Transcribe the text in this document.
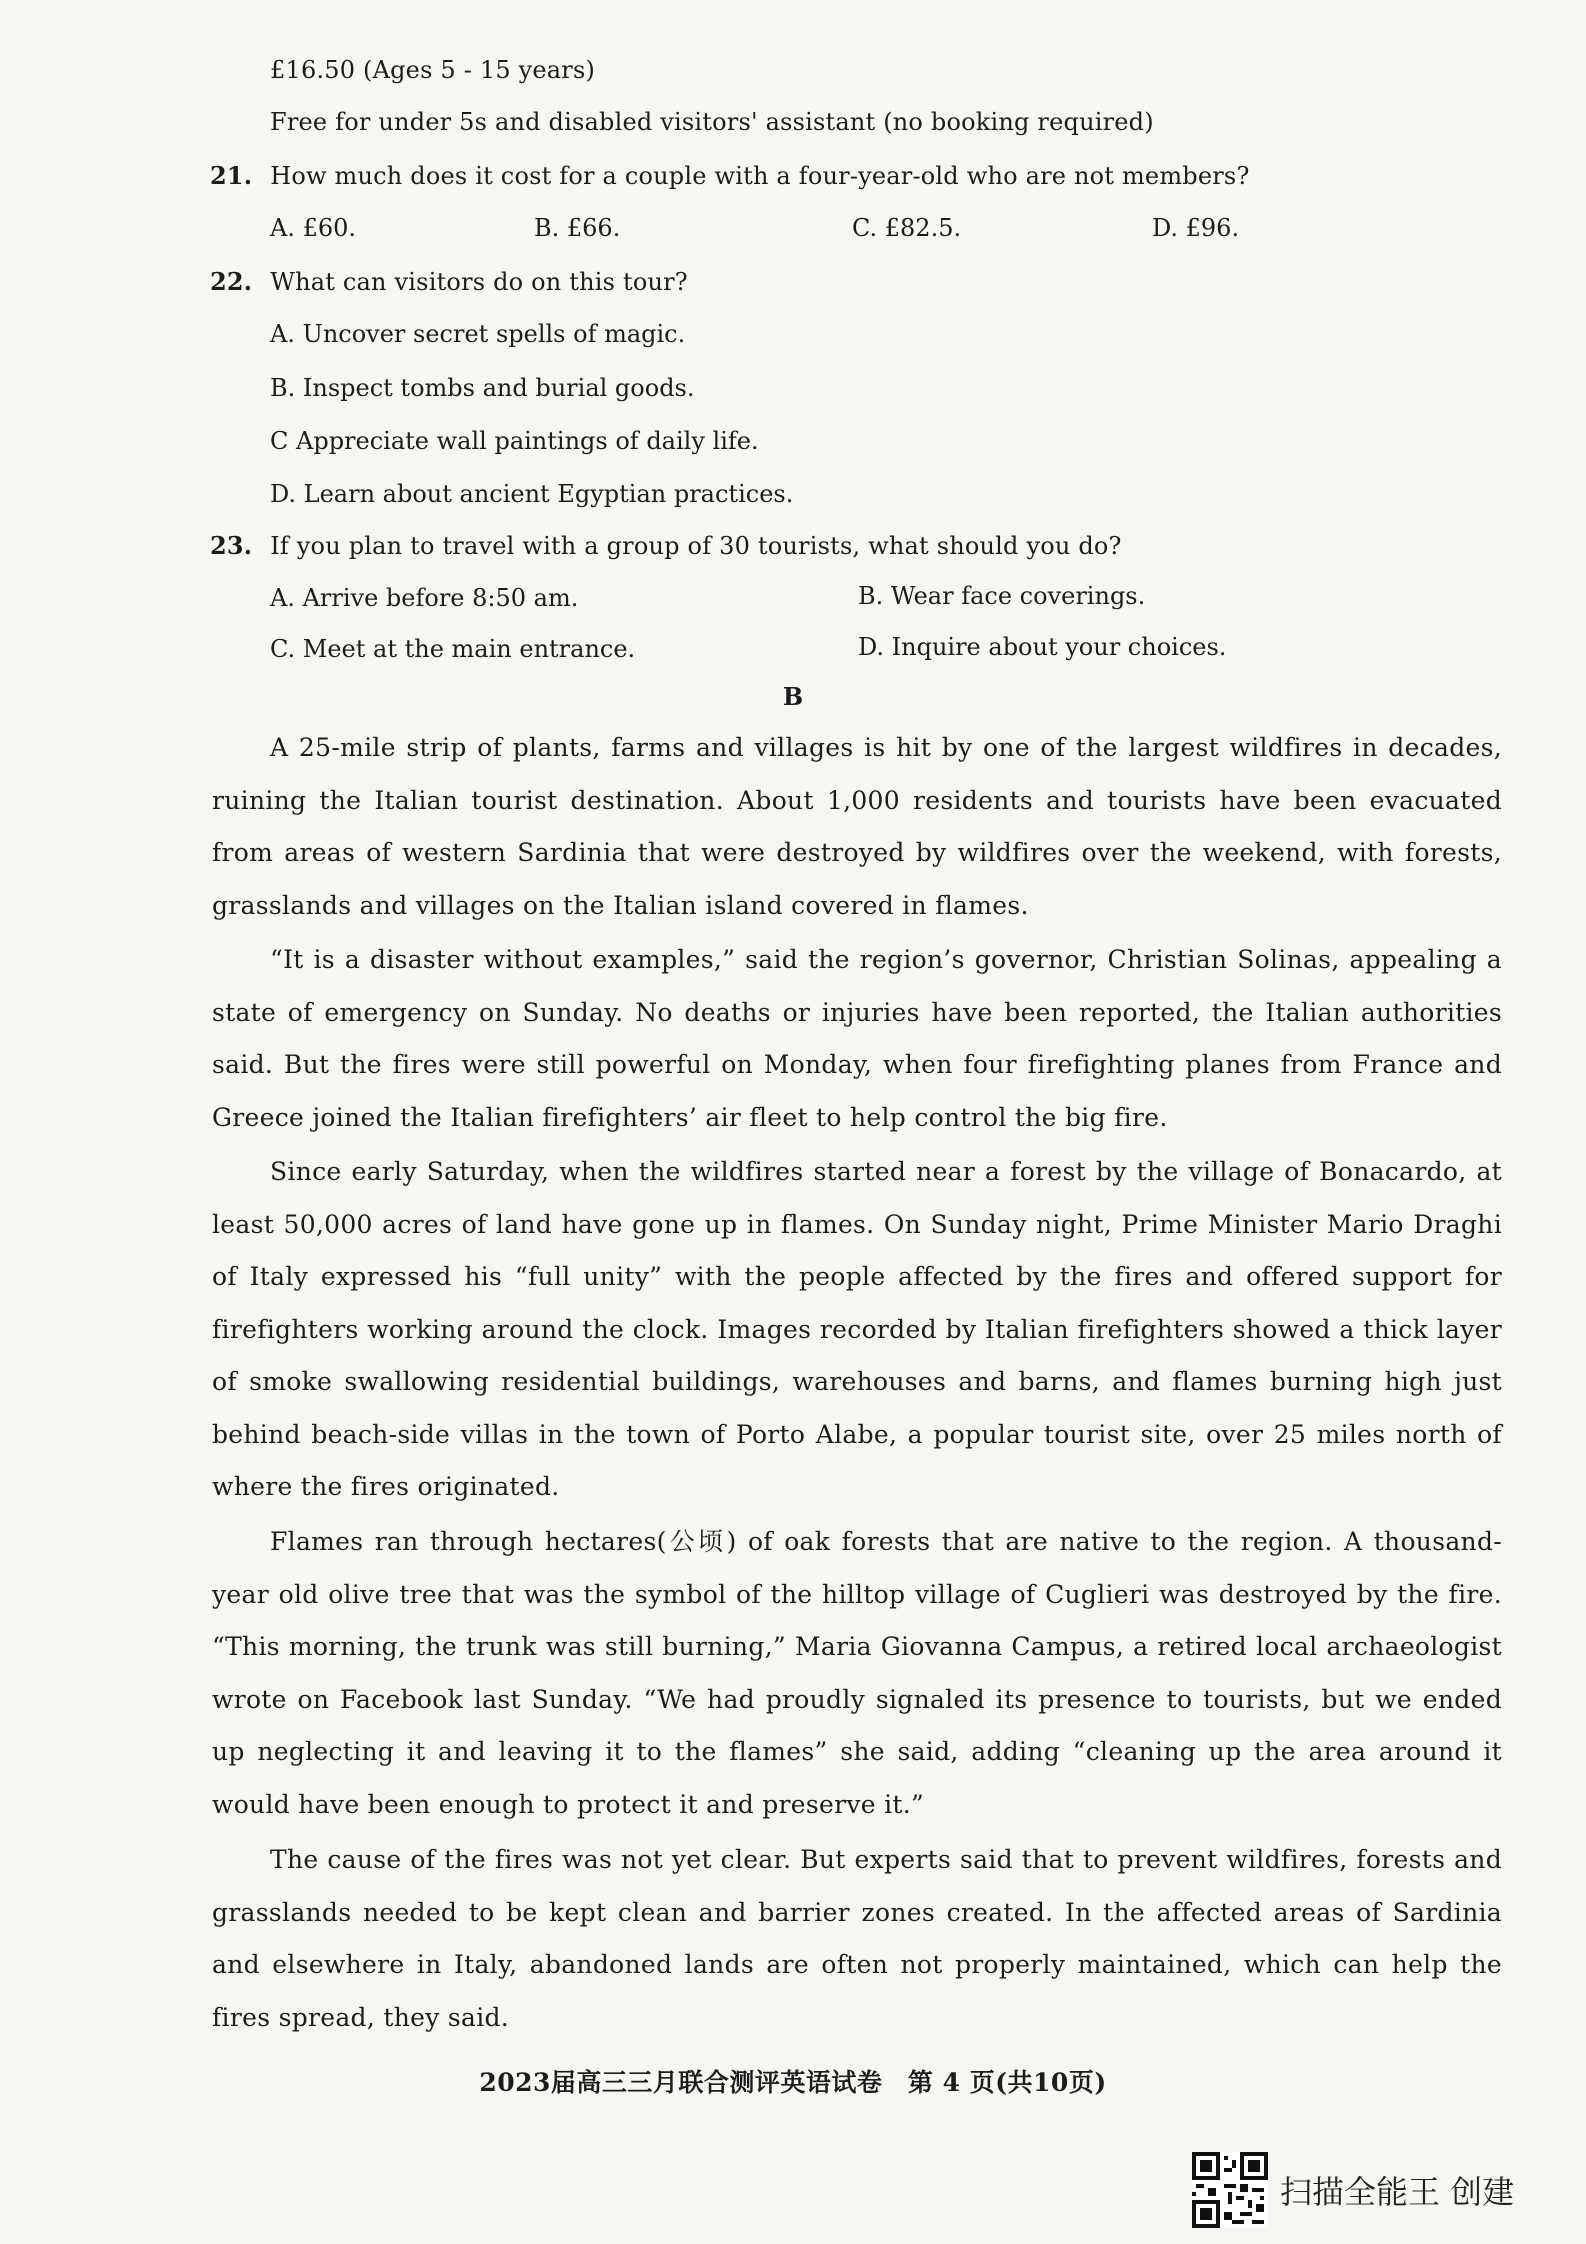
£16.50 (Ages 5 - 15 years)
Free for under 5s and disabled visitors' assistant (no booking required)
21. How much does it cost for a couple with a four-year-old who are not members?
A. £60.	B. £66.	C. £82.5.	D. £96.
22. What can visitors do on this tour?
A. Uncover secret spells of magic.
B. Inspect tombs and burial goods.
C Appreciate wall paintings of daily life.
D. Learn about ancient Egyptian practices.
23. If you plan to travel with a group of 30 tourists, what should you do?
A. Arrive before 8:50 am.	B. Wear face coverings.
C. Meet at the main entrance.	D. Inquire about your choices.
B

A 25-mile strip of plants, farms and villages is hit by one of the largest wildfires in decades, ruining the Italian tourist destination. About 1,000 residents and tourists have been evacuated from areas of western Sardinia that were destroyed by wildfires over the weekend, with forests, grasslands and villages on the Italian island covered in flames.

“It is a disaster without examples,” said the region’s governor, Christian Solinas, appealing a state of emergency on Sunday. No deaths or injuries have been reported, the Italian authorities said. But the fires were still powerful on Monday, when four firefighting planes from France and Greece joined the Italian firefighters’ air fleet to help control the big fire.

Since early Saturday, when the wildfires started near a forest by the village of Bonacardo, at least 50,000 acres of land have gone up in flames. On Sunday night, Prime Minister Mario Draghi of Italy expressed his “full unity” with the people affected by the fires and offered support for firefighters working around the clock. Images recorded by Italian firefighters showed a thick layer of smoke swallowing residential buildings, warehouses and barns, and flames burning high just behind beach-side villas in the town of Porto Alabe, a popular tourist site, over 25 miles north of where the fires originated.

Flames ran through hectares(公顷) of oak forests that are native to the region. A thousand-year old olive tree that was the symbol of the hilltop village of Cuglieri was destroyed by the fire. “This morning, the trunk was still burning,” Maria Giovanna Campus, a retired local archaeologist wrote on Facebook last Sunday. “We had proudly signaled its presence to tourists, but we ended up neglecting it and leaving it to the flames” she said, adding “cleaning up the area around it would have been enough to protect it and preserve it.”

The cause of the fires was not yet clear. But experts said that to prevent wildfires, forests and grasslands needed to be kept clean and barrier zones created. In the affected areas of Sardinia and elsewhere in Italy, abandoned lands are often not properly maintained, which can help the fires spread, they said.

2023届高三三月联合测评英语试卷　第 4 页(共10页)
扫描全能王 创建
